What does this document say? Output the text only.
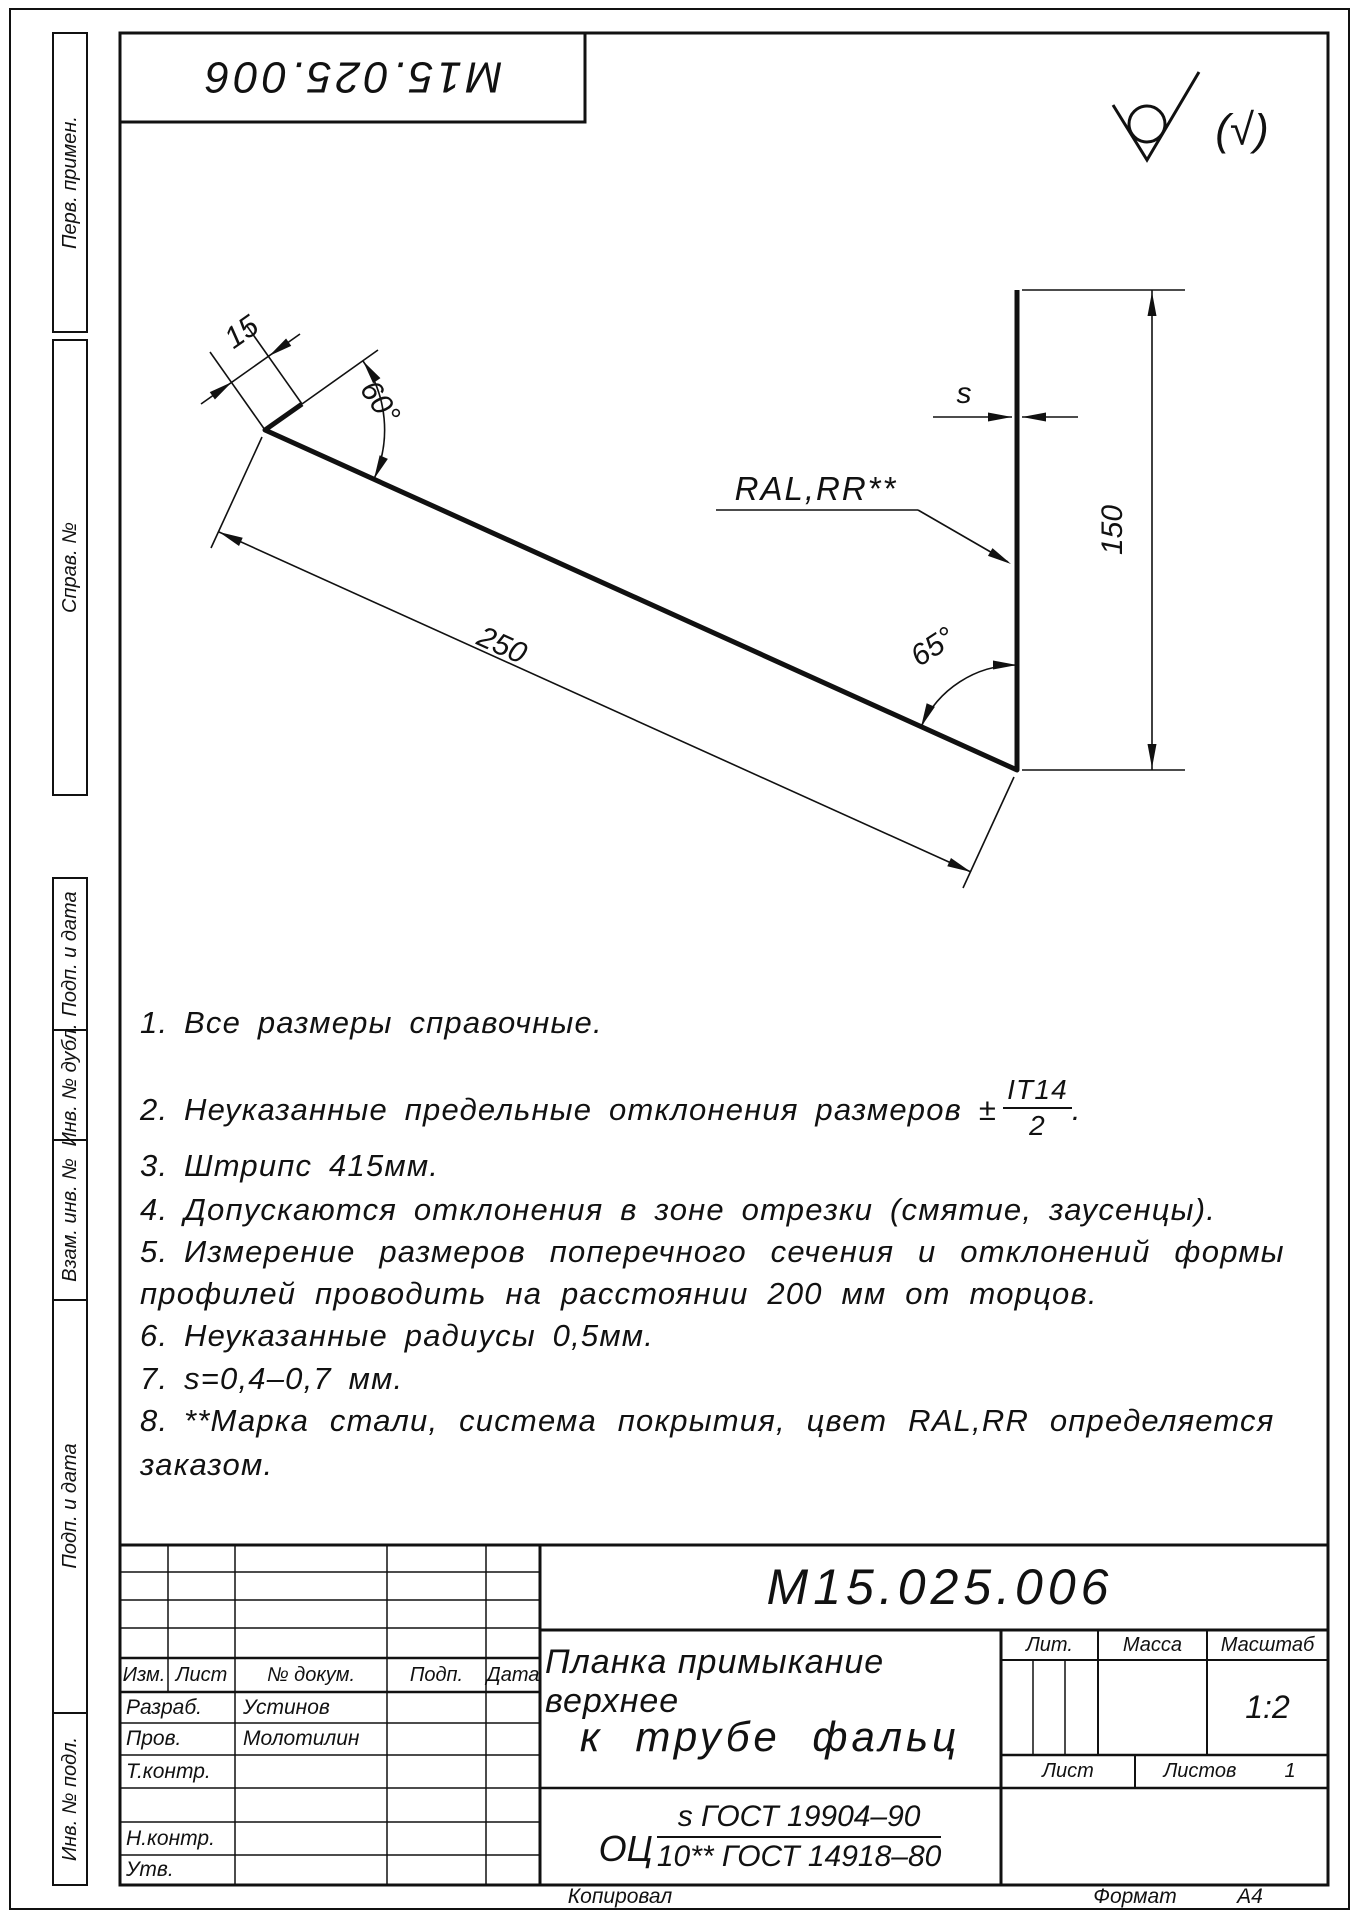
М15.025.006
Перв. примен.
Справ. №
Подп. и дата
Инв. № дубл.
Взам. инв. №
Подп. и дата
Инв. № подл.
(√)
15
60°
250	65°
150
s
RAL,RR**
1. Все размеры справочные.
2. Неуказанные предельные отклонения размеров ± $\frac{IT14}{2}$ .
3. Штрипс 415мм.
4. Допускаются отклонения в зоне отрезки (смятие, заусенцы).
5. Измерение размеров поперечного сечения и отклонений формы
профилей проводить на расстоянии 200 мм от торцов.
6. Неуказанные радиусы 0,5мм.
7. s=0,4–0,7 мм.
8. **Марка стали, система покрытия, цвет RAL,RR определяется
заказом.
М15.025.006
Изм. Лист	№ докум.	Подп.	Дата
Разраб.	Устинов
Пров.	Молотилин
Т.контр.
Н.контр.
Утв.
Планка примыкание верхнее
к трубе фальц
ОЦ $\frac{\text{s ГОСТ 19904–90}}{\text{10** ГОСТ 14918–80}}$
Лит.	Масса	Масштаб
1:2
Лист	Листов	1
Копировал	Формат	А4
